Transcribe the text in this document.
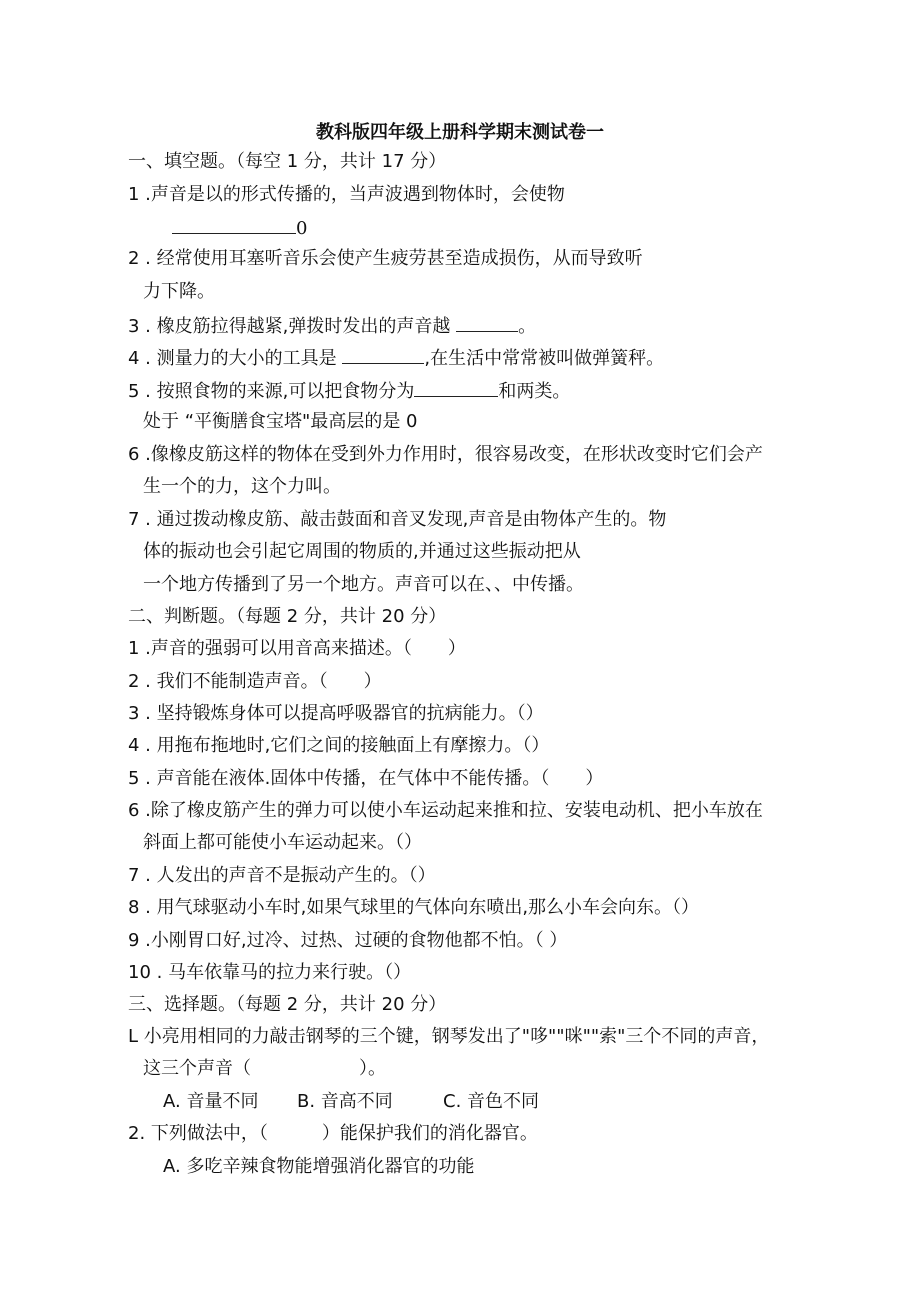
教科版四年级上册科学期末测试卷一
一、填空题。（每空 1 分，共计 17 分）
1 .声音是以的形式传播的，当声波遇到物体时，会使物
0
2 . 经常使用耳塞听音乐会使产生疲劳甚至造成损伤，从而导致听
力下降。
3 . 橡皮筋拉得越紧,弹拨时发出的声音越	。
4 . 测量力的大小的工具是	,在生活中常常被叫做弹簧秤。
5 . 按照食物的来源,可以把食物分为	和两类。
处于 “平衡膳食宝塔"最高层的是 0
6 .像橡皮筋这样的物体在受到外力作用时，很容易改变，在形状改变时它们会产
生一个的力，这个力叫。
7 . 通过拨动橡皮筋、敲击鼓面和音叉发现,声音是由物体产生的。物
体的振动也会引起它周围的物质的,并通过这些振动把从
一个地方传播到了另一个地方。声音可以在、、中传播。
二、判断题。（每题 2 分，共计 20 分）
1 .声音的强弱可以用音高来描述。（　　）
2 . 我们不能制造声音。（　　）
3 . 坚持锻炼身体可以提高呼吸器官的抗病能力。（）
4 . 用拖布拖地时,它们之间的接触面上有摩擦力。（）
5 . 声音能在液体.固体中传播，在气体中不能传播。（　　）
6 .除了橡皮筋产生的弹力可以使小车运动起来推和拉、安装电动机、把小车放在
斜面上都可能使小车运动起来。（）
7 . 人发出的声音不是振动产生的。（）
8 . 用气球驱动小车时,如果气球里的气体向东喷出,那么小车会向东。（）
9 .小刚胃口好,过冷、过热、过硬的食物他都不怕。（ ）
10 . 马车依靠马的拉力来行驶。（）
三、选择题。（每题 2 分，共计 20 分）
L 小亮用相同的力敲击钢琴的三个键，钢琴发出了"哆""咪""索"三个不同的声音，
这三个声音（　　　　　　）。
A. 音量不同 B. 音高不同	C. 音色不同
2. 下列做法中，（　　　）能保护我们的消化器官。
A. 多吃辛辣食物能增强消化器官的功能
